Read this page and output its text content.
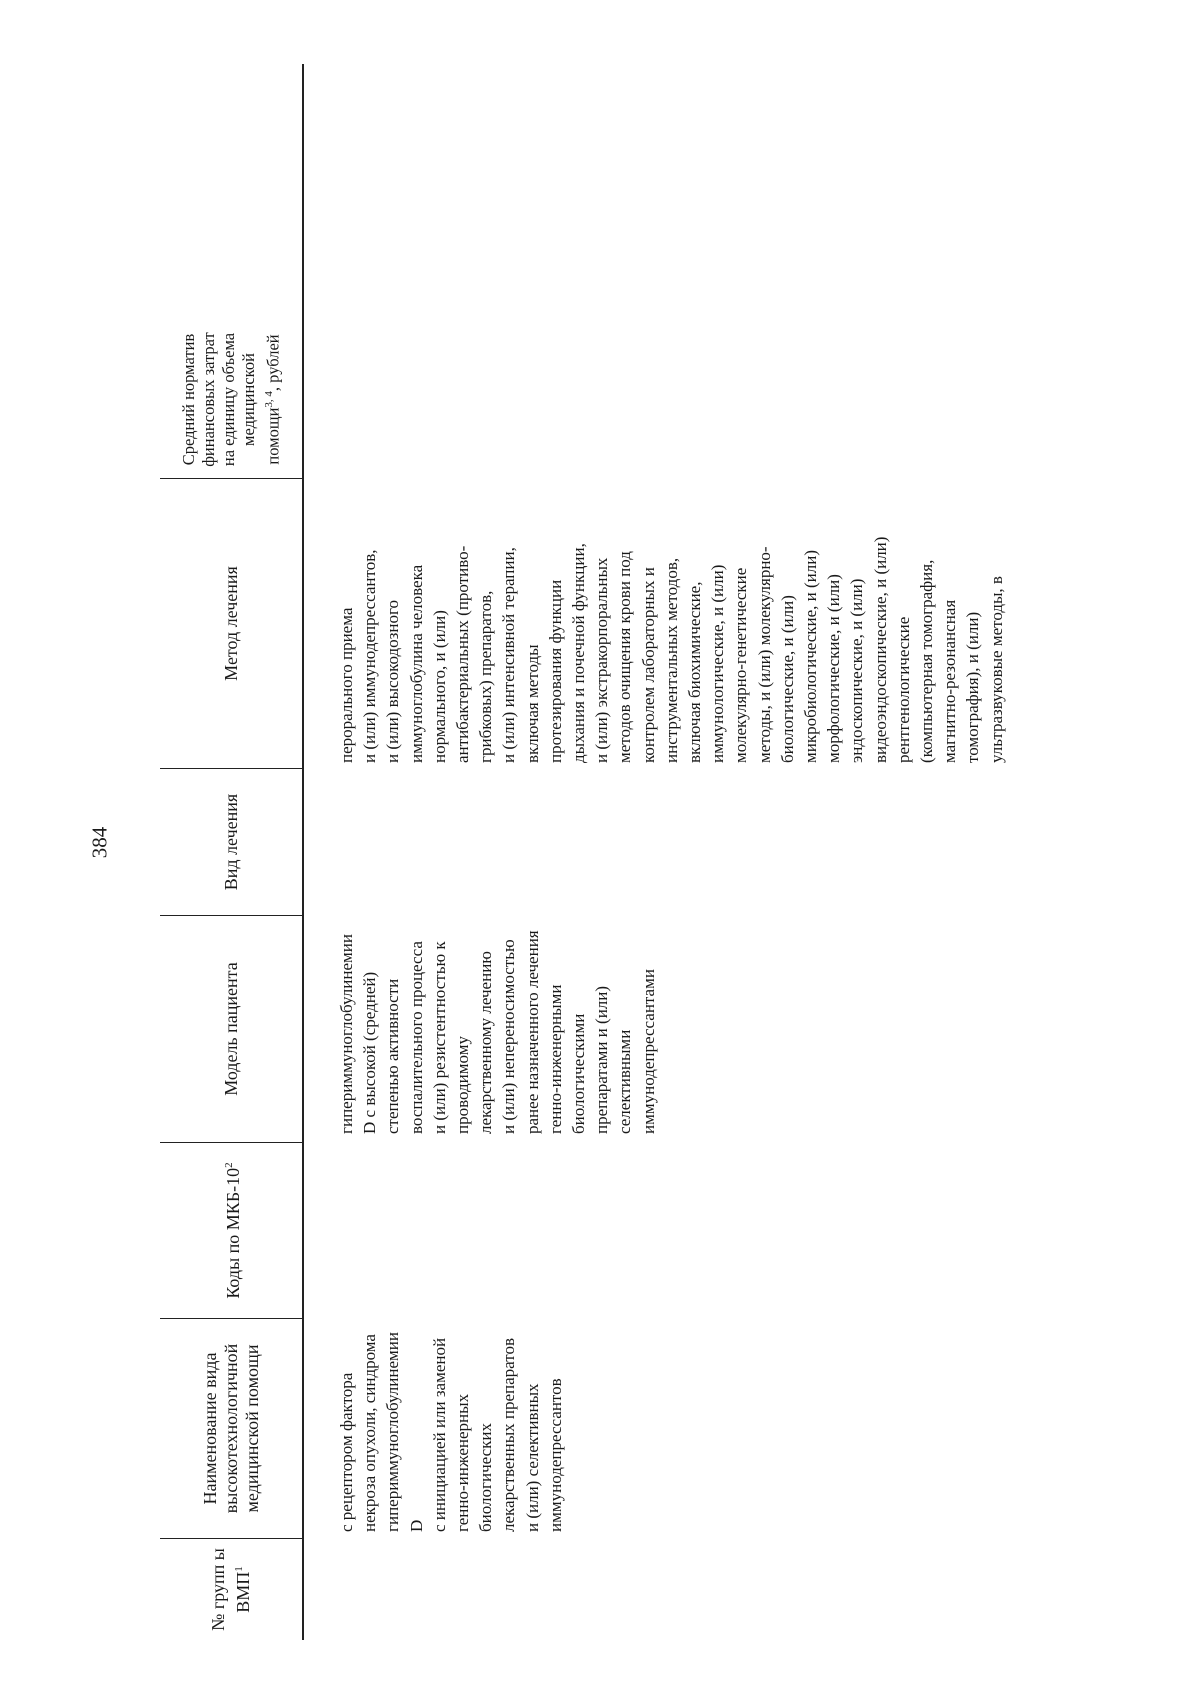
384
№ групп ы ВМП$^1$
Наименование вида высокотехнологичной медицинской помощи
Коды по МКБ-$10^2$
Модель пациента
Вид лечения
Метод лечения
Средний норматив финансовых затрат на единицу объема медицинской помощи$^{3, 4}$, рублей
с рецептором фактора некроза опухоли, синдрома гипериммуноглобулинемии D с инициацией или заменой генно-инженерных биологических лекарственных препаратов и (или) селективных иммунодепрессантов
гипериммуноглобулинемии D с высокой (средней) степенью активности воспалительного процесса и (или) резистентностью к проводимому лекарственному лечению и (или) непереносимостью ранее назначенного лечения генно-инженерными биологическими препаратами и (или) селективными иммунодепрессантами
перорального приема и (или) иммунодепрессантов, и (или) высокодозного иммуноглобулина человека нормального, и (или) антибактериальных (противо- грибковых) препаратов, и (или) интенсивной терапии, включая методы протезирования функции дыхания и почечной функции, и (или) экстракорпоральных методов очищения крови под контролем лабораторных и инструментальных методов, включая биохимические, иммунологические, и (или) молекулярно-генетические методы, и (или) молекулярно- биологические, и (или) микробиологические, и (или) морфологические, и (или) эндоскопические, и (или) видеоэндоскопические, и (или) рентгенологические (компьютерная томография, магнитно-резонансная томография), и (или) ультразвуковые методы, в
